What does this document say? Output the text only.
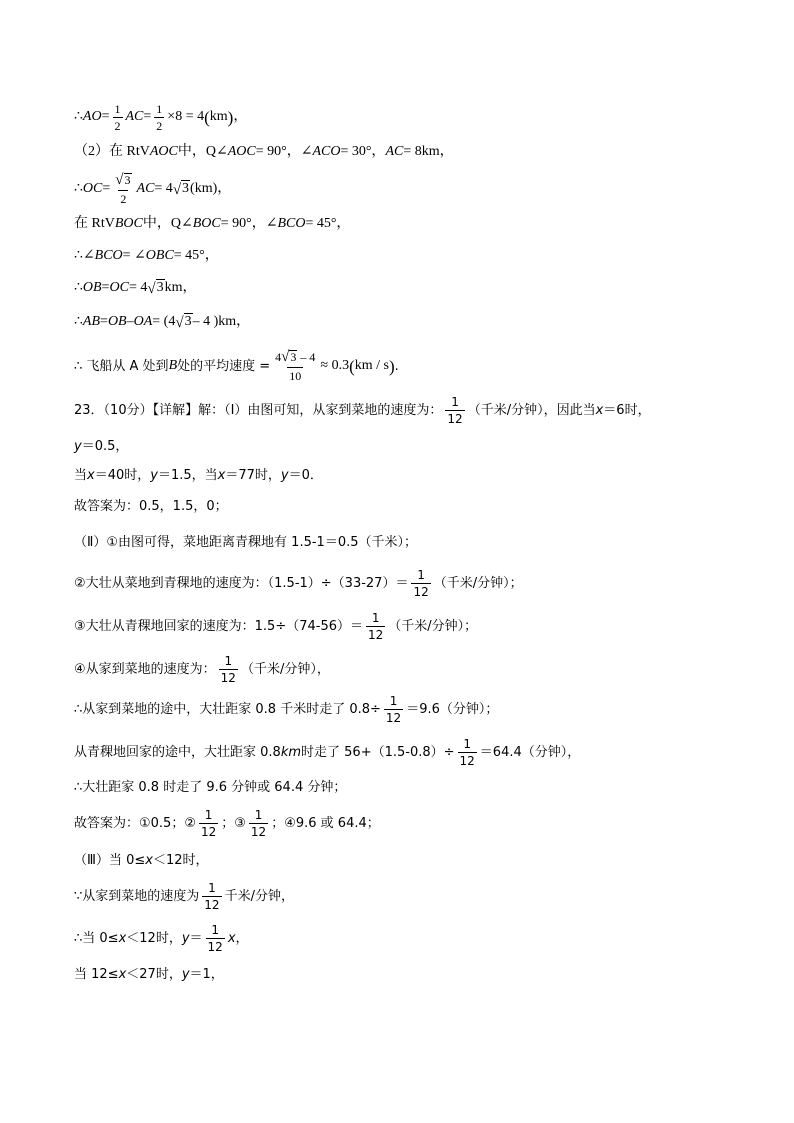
∴ AO = $\frac{1}{2}$ AC = $\frac{1}{2} \times 8 = 4$ ( km ) ，
（2）在 Rt V AOC 中，Q∠ AOC = 90°，∠ ACO = 30°， AC = 8km，
∴ OC = $\frac{√ 3}{2}$ AC = 4 √ 3 (km)，
在 Rt V BOC 中，Q∠ BOC = 90°，∠ BCO = 45°，
∴∠ BCO = ∠ OBC = 45°，
∴ OB = OC = 4 √ 3 km，
∴ AB = OB – OA = (4 √ 3 – 4 )km，
∴ 飞船从 A 处到 B 处的平均速度 = $\frac{4 √ 3 - 4}{10} \approx 0.3$ ( km / s ) .
23．（10分）【详解】解：（Ⅰ）由图可知，从家到菜地的速度为： $\frac{1}{12}$ （千米/分钟），因此当 x ＝6时，
y ＝0.5，
当 x ＝40时， y ＝1.5，当 x ＝77时， y ＝0．
故答案为：0.5，1.5，0；
（Ⅱ）①由图可得，菜地距离青稞地有 1.5-1＝0.5（千米）；
②大壮从菜地到青稞地的速度为：$(1.5-1)\div(33-27)= \frac{1}{12}$ （千米/分钟）；
③大壮从青稞地回家的速度为：$1.5\div(74-56)= \frac{1}{12}$ （千米/分钟）；
④从家到菜地的速度为： $\frac{1}{12}$ （千米/分钟），
∴从家到菜地的途中，大壮距家 0.8 千米时走了 $0.8\div \frac{1}{12} =9.6$（分钟）；
从青稞地回家的途中，大壮距家 0.8 km 时走了 $56+(1.5-0.8)\div \frac{1}{12} =64.4$（分钟），
∴大壮距家 0.8 时走了 9.6 分钟或 64.4 分钟；
故答案为：①0.5；② $\frac{1}{12}$ ；③ $\frac{1}{12}$ ；④9.6 或 64.4；
（Ⅲ）当 0≤ x ＜12时，
∵从家到菜地的速度为 $\frac{1}{12}$ 千米/分钟，
∴当 0≤ x ＜12时， $y = \frac{1}{12}$ x ，
当 12≤ x ＜27时， y ＝1，
